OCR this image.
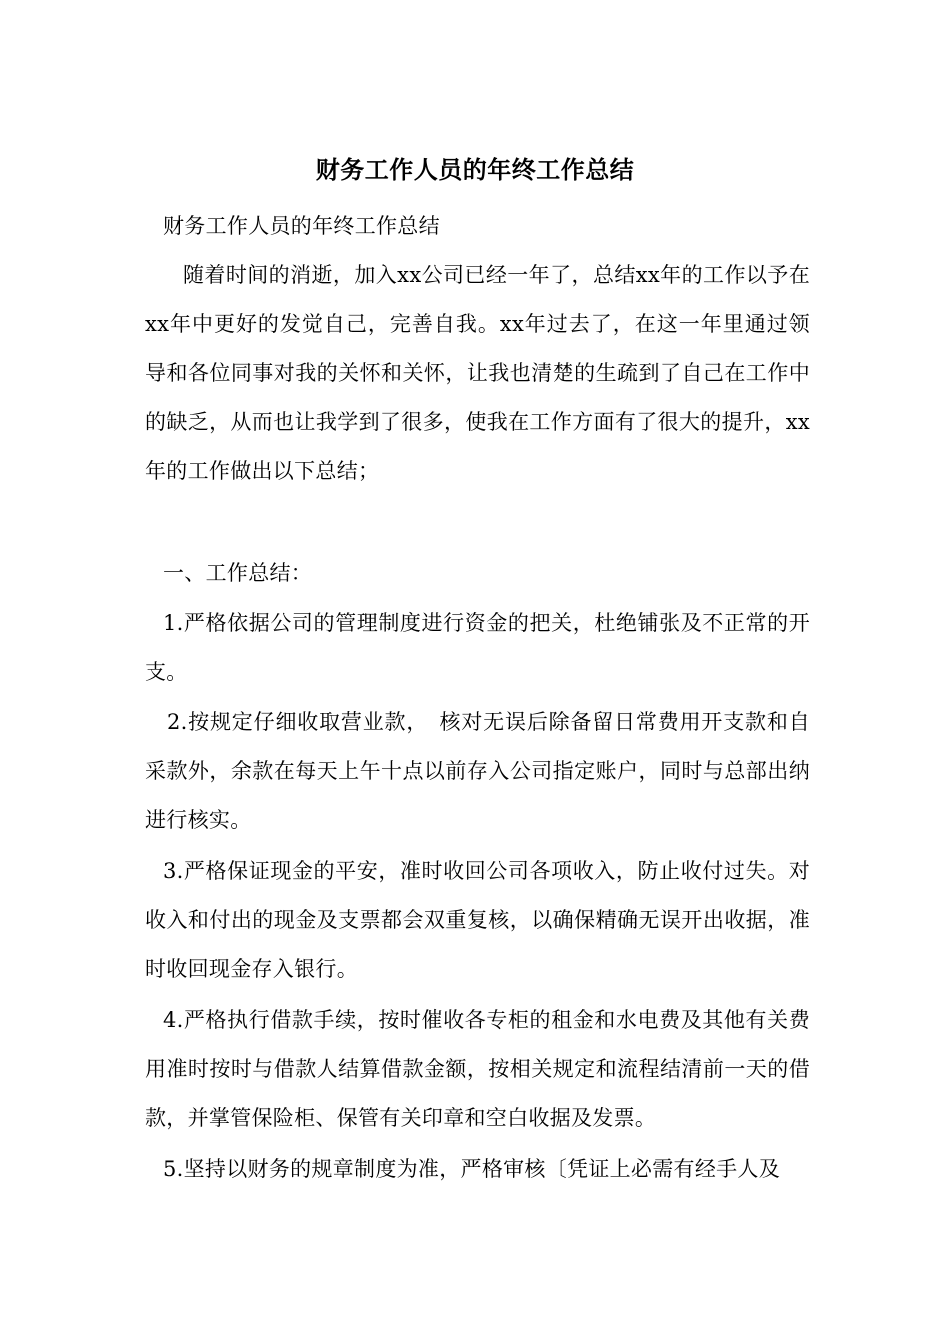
财务工作人员的年终工作总结
财务工作人员的年终工作总结
随着时间的消逝，加入xx公司已经一年了，总结xx年的工作以予在xx年中更好的发觉自己，完善自我。xx年过去了，在这一年里通过领导和各位同事对我的关怀和关怀，让我也清楚的生疏到了自己在工作中的缺乏，从而也让我学到了很多，使我在工作方面有了很大的提升，xx年的工作做出以下总结；
一、工作总结：
1.严格依据公司的管理制度进行资金的把关，杜绝铺张及不正常的开支。
2.按规定仔细收取营业款，　核对无误后除备留日常费用开支款和自采款外，余款在每天上午十点以前存入公司指定账户，同时与总部出纳进行核实。
3.严格保证现金的平安，准时收回公司各项收入，防止收付过失。对收入和付出的现金及支票都会双重复核，以确保精确无误开出收据，准时收回现金存入银行。
4.严格执行借款手续，按时催收各专柜的租金和水电费及其他有关费用准时按时与借款人结算借款金额，按相关规定和流程结清前一天的借款，并掌管保险柜、保管有关印章和空白收据及发票。
5.坚持以财务的规章制度为准，严格审核〔凭证上必需有经手人及
